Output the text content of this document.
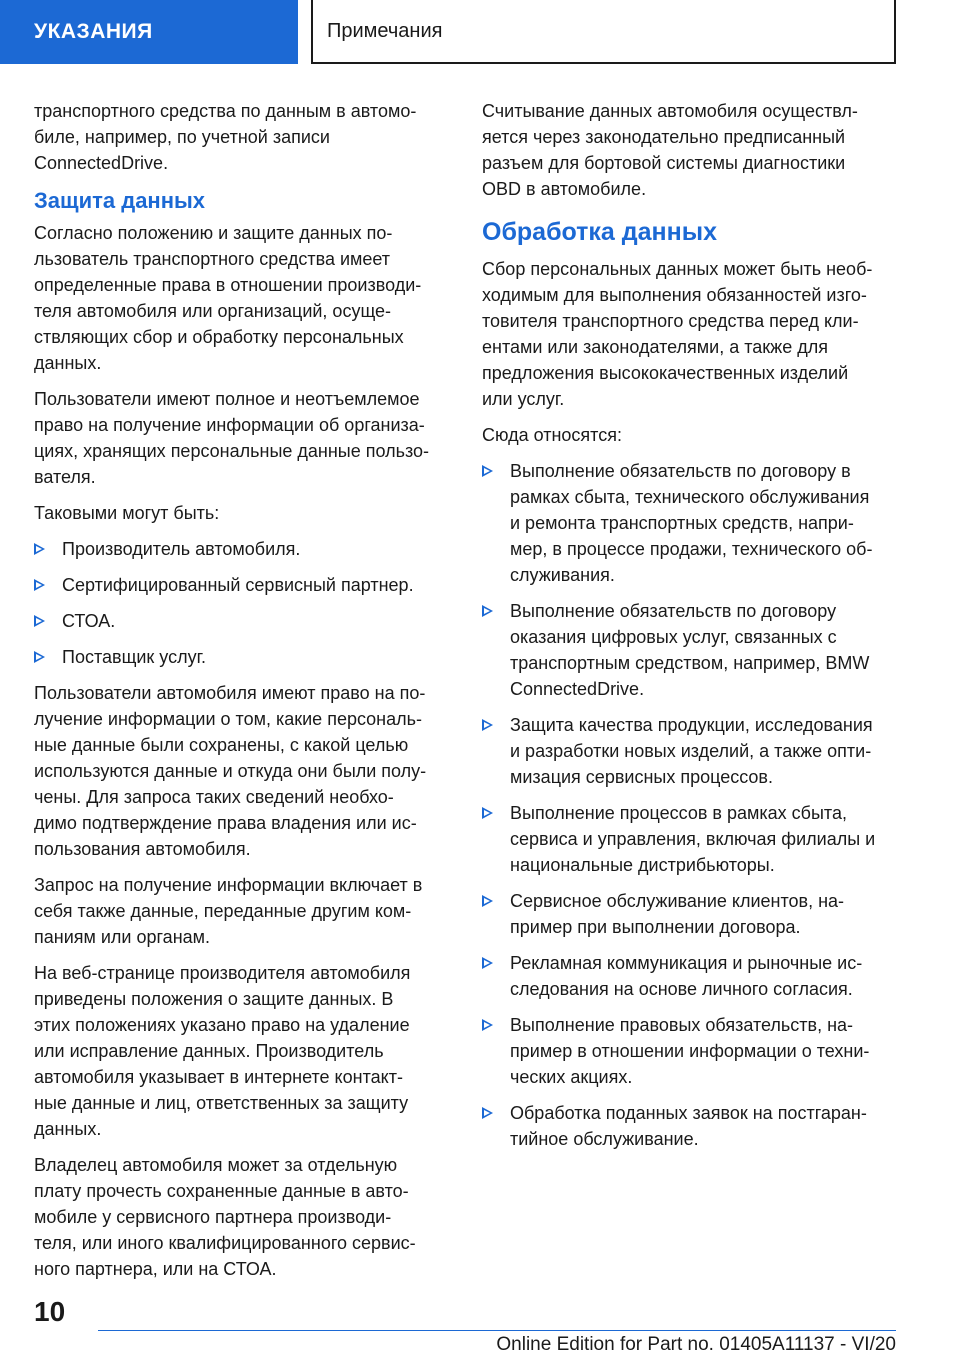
УКАЗАНИЯ	Примечания

транспортного средства по данным в автомо-
биле, например, по учетной записи
ConnectedDrive.

Защита данных

Согласно положению и защите данных по-
льзователь транспортного средства имеет
определенные права в отношении производи-
теля автомобиля или организаций, осуще-
ствляющих сбор и обработку персональных
данных.

Пользователи имеют полное и неотъемлемое
право на получение информации об организа-
циях, хранящих персональные данные пользо-
вателя.

Таковыми могут быть:

Производитель автомобиля.
Сертифицированный сервисный партнер.
СТОА.
Поставщик услуг.

Пользователи автомобиля имеют право на по-
лучение информации о том, какие персональ-
ные данные были сохранены, с какой целью
используются данные и откуда они были полу-
чены. Для запроса таких сведений необхо-
димо подтверждение права владения или ис-
пользования автомобиля.

Запрос на получение информации включает в
себя также данные, переданные другим ком-
паниям или органам.

На веб-странице производителя автомобиля
приведены положения о защите данных. В
этих положениях указано право на удаление
или исправление данных. Производитель
автомобиля указывает в интернете контакт-
ные данные и лиц, ответственных за защиту
данных.

Владелец автомобиля может за отдельную
плату прочесть сохраненные данные в авто-
мобиле у сервисного партнера производи-
теля, или иного квалифицированного сервис-
ного партнера, или на СТОА.

Считывание данных автомобиля осуществл-
яется через законодательно предписанный
разъем для бортовой системы диагностики
OBD в автомобиле.

Обработка данных

Сбор персональных данных может быть необ-
ходимым для выполнения обязанностей изго-
товителя транспортного средства перед кли-
ентами или законодателями, а также для
предложения высококачественных изделий
или услуг.

Сюда относятся:

Выполнение обязательств по договору в
рамках сбыта, технического обслуживания
и ремонта транспортных средств, напри-
мер, в процессе продажи, технического об-
служивания.
Выполнение обязательств по договору
оказания цифровых услуг, связанных с
транспортным средством, например, BMW
ConnectedDrive.
Защита качества продукции, исследования
и разработки новых изделий, а также опти-
мизация сервисных процессов.
Выполнение процессов в рамках сбыта,
сервиса и управления, включая филиалы и
национальные дистрибьюторы.
Сервисное обслуживание клиентов, на-
пример при выполнении договора.
Рекламная коммуникация и рыночные ис-
следования на основе личного согласия.
Выполнение правовых обязательств, на-
пример в отношении информации о техни-
ческих акциях.
Обработка поданных заявок на постгаран-
тийное обслуживание.
10
Online Edition for Part no. 01405A11137 - VI/20
